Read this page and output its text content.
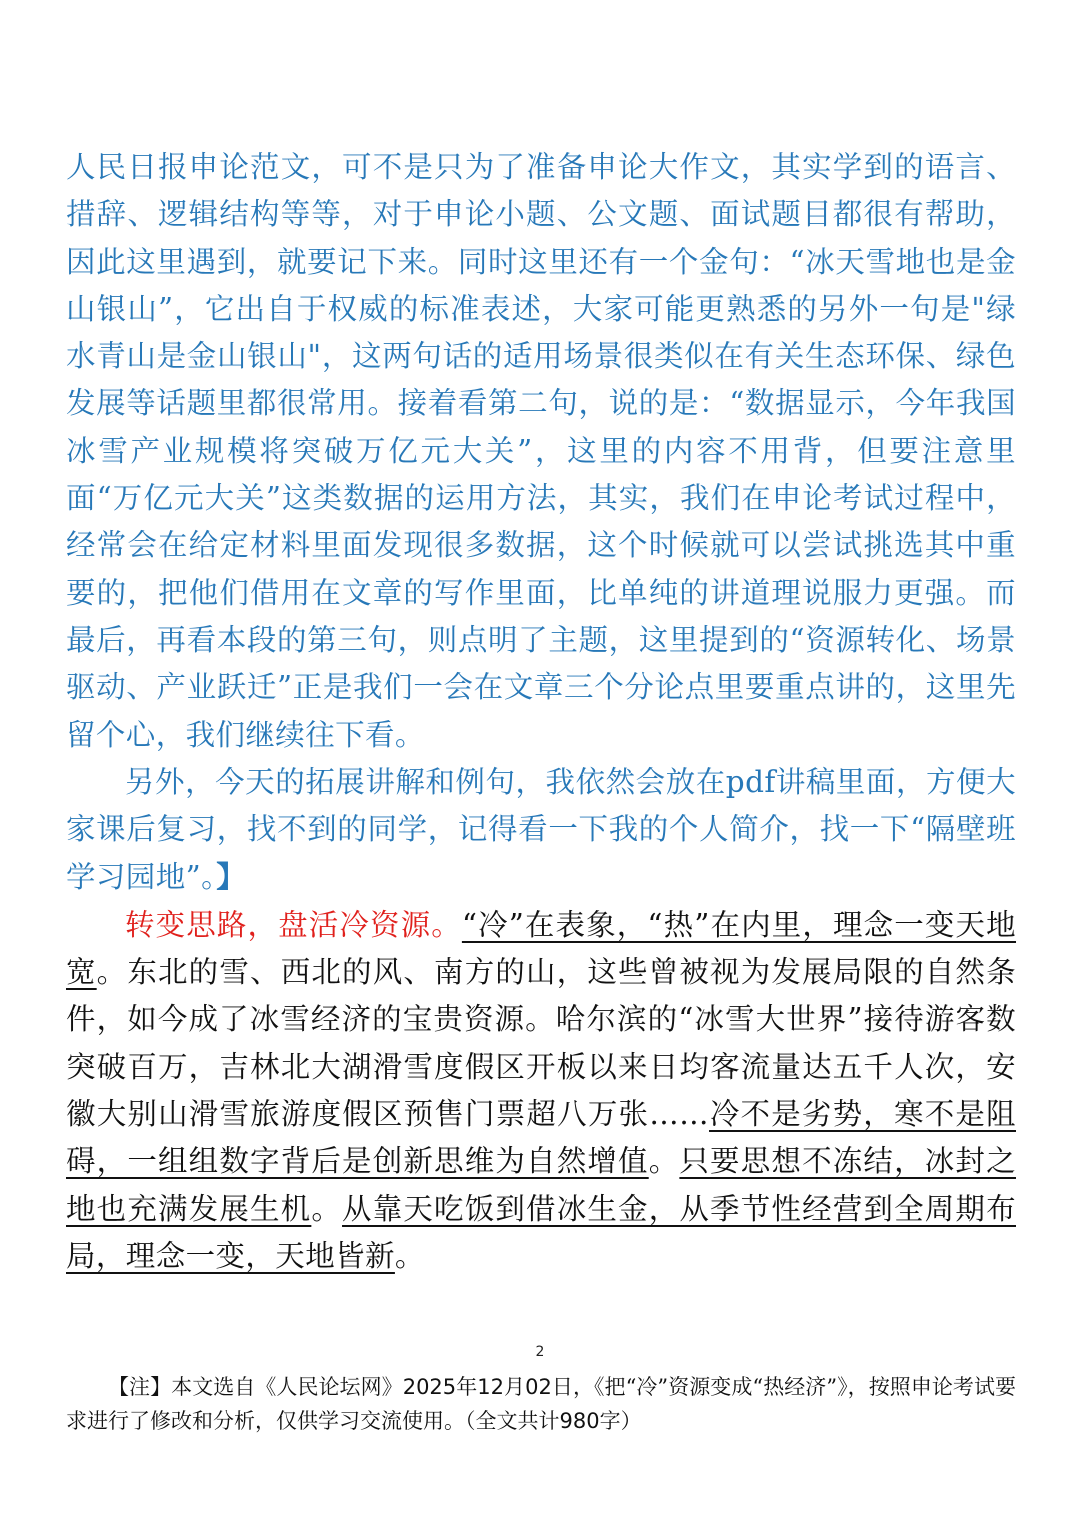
人民日报申论范文，可不是只为了准备申论大作文，其实学到的语言、措辞、逻辑结构等等，对于申论小题、公文题、面试题目都很有帮助，因此这里遇到，就要记下来。同时这里还有一个金句：“冰天雪地也是金山银山”，它出自于权威的标准表述，大家可能更熟悉的另外一句是"绿水青山是金山银山"，这两句话的适用场景很类似在有关生态环保、绿色发展等话题里都很常用。接着看第二句，说的是：“数据显示，今年我国冰雪产业规模将突破万亿元大关”，这里的内容不用背，但要注意里面“万亿元大关”这类数据的运用方法，其实，我们在申论考试过程中，经常会在给定材料里面发现很多数据，这个时候就可以尝试挑选其中重要的，把他们借用在文章的写作里面，比单纯的讲道理说服力更强。而最后，再看本段的第三句，则点明了主题，这里提到的“资源转化、场景驱动、产业跃迁”正是我们一会在文章三个分论点里要重点讲的，这里先留个心，我们继续往下看。

另外，今天的拓展讲解和例句，我依然会放在pdf讲稿里面，方便大家课后复习，找不到的同学，记得看一下我的个人简介，找一下“隔壁班学习园地”。】

转变思路，盘活冷资源。“冷”在表象，“热”在内里，理念一变天地宽。东北的雪、西北的风、南方的山，这些曾被视为发展局限的自然条件，如今成了冰雪经济的宝贵资源。哈尔滨的“冰雪大世界”接待游客数突破百万，吉林北大湖滑雪度假区开板以来日均客流量达五千人次，安徽大别山滑雪旅游度假区预售门票超八万张……冷不是劣势，寒不是阻碍，一组组数字背后是创新思维为自然增值。只要思想不冻结，冰封之地也充满发展生机。从靠天吃饭到借冰生金，从季节性经营到全周期布局，理念一变，天地皆新。

2

【注】本文选自《人民论坛网》2025年12月02日，《把“冷”资源变成“热经济”》，按照申论考试要求进行了修改和分析，仅供学习交流使用。（全文共计980字）
